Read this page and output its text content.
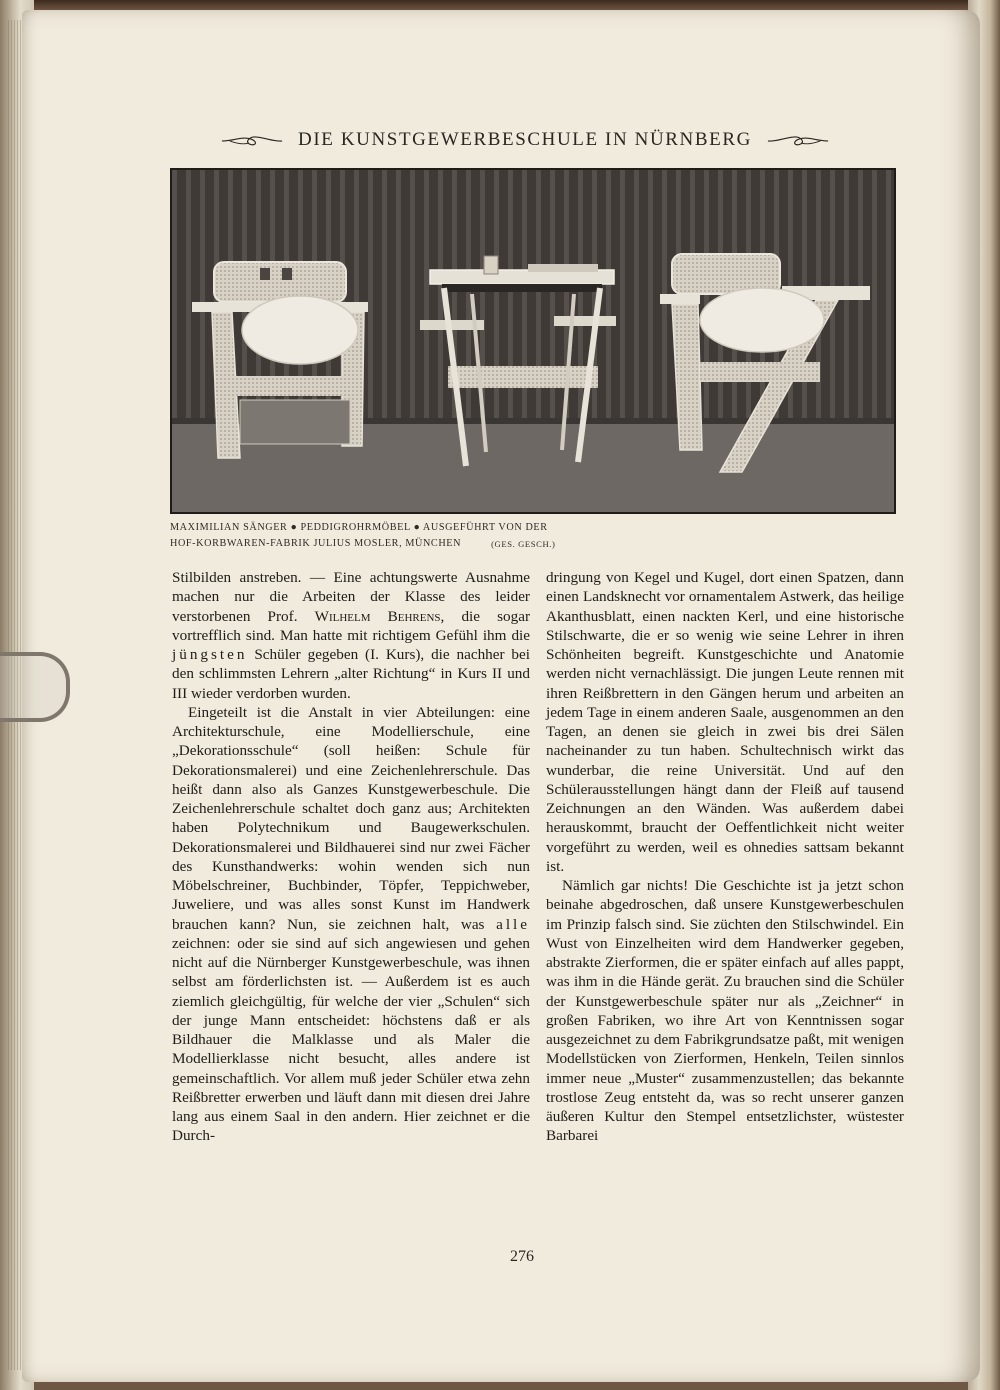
DIE KUNSTGEWERBESCHULE IN NÜRNBERG
MAXIMILIAN SÄNGER ● PEDDIGROHRMÖBEL ● AUSGEFÜHRT VON DER
HOF-KORBWAREN-FABRIK JULIUS MOSLER, MÜNCHEN	(GES. GESCH.)

Stilbilden anstreben. — Eine achtungswerte Ausnahme machen nur die Arbeiten der Klasse des leider verstorbenen Prof. Wilhelm Behrens, die sogar vortrefflich sind. Man hatte mit richtigem Gefühl ihm die jüngsten Schüler gegeben (I. Kurs), die nachher bei den schlimmsten Lehrern „alter Richtung“ in Kurs II und III wieder verdorben wurden.

Eingeteilt ist die Anstalt in vier Abteilungen: eine Architekturschule, eine Modellierschule, eine „Dekorationsschule“ (soll heißen: Schule für Dekorationsmalerei) und eine Zeichenlehrerschule. Das heißt dann also als Ganzes Kunstgewerbeschule. Die Zeichenlehrerschule schaltet doch ganz aus; Architekten haben Polytechnikum und Baugewerkschulen. Dekorationsmalerei und Bildhauerei sind nur zwei Fächer des Kunsthandwerks: wohin wenden sich nun Möbelschreiner, Buchbinder, Töpfer, Teppichweber, Juweliere, und was alles sonst Kunst im Handwerk brauchen kann? Nun, sie zeichnen halt, was alle zeichnen: oder sie sind auf sich angewiesen und gehen nicht auf die Nürnberger Kunstgewerbeschule, was ihnen selbst am förderlichsten ist. — Außerdem ist es auch ziemlich gleichgültig, für welche der vier „Schulen“ sich der junge Mann entscheidet: höchstens daß er als Bildhauer die Malklasse und als Maler die Modellierklasse nicht besucht, alles andere ist gemeinschaftlich. Vor allem muß jeder Schüler etwa zehn Reißbretter erwerben und läuft dann mit diesen drei Jahre lang aus einem Saal in den andern. Hier zeichnet er die Durch-

dringung von Kegel und Kugel, dort einen Spatzen, dann einen Landsknecht vor ornamentalem Astwerk, das heilige Akanthusblatt, einen nackten Kerl, und eine historische Stilschwarte, die er so wenig wie seine Lehrer in ihren Schönheiten begreift. Kunstgeschichte und Anatomie werden nicht vernachlässigt. Die jungen Leute rennen mit ihren Reißbrettern in den Gängen herum und arbeiten an jedem Tage in einem anderen Saale, ausgenommen an den Tagen, an denen sie gleich in zwei bis drei Sälen nacheinander zu tun haben. Schultechnisch wirkt das wunderbar, die reine Universität. Und auf den Schülerausstellungen hängt dann der Fleiß auf tausend Zeichnungen an den Wänden. Was außerdem dabei herauskommt, braucht der Oeffentlichkeit nicht weiter vorgeführt zu werden, weil es ohnedies sattsam bekannt ist.

Nämlich gar nichts! Die Geschichte ist ja jetzt schon beinahe abgedroschen, daß unsere Kunstgewerbeschulen im Prinzip falsch sind. Sie züchten den Stilschwindel. Ein Wust von Einzelheiten wird dem Handwerker gegeben, abstrakte Zierformen, die er später einfach auf alles pappt, was ihm in die Hände gerät. Zu brauchen sind die Schüler der Kunstgewerbeschule später nur als „Zeichner“ in großen Fabriken, wo ihre Art von Kenntnissen sogar ausgezeichnet zu dem Fabrikgrundsatze paßt, mit wenigen Modellstücken von Zierformen, Henkeln, Teilen sinnlos immer neue „Muster“ zusammenzustellen; das bekannte trostlose Zeug entsteht da, was so recht unserer ganzen äußeren Kultur den Stempel entsetzlichster, wüstester Barbarei

276
